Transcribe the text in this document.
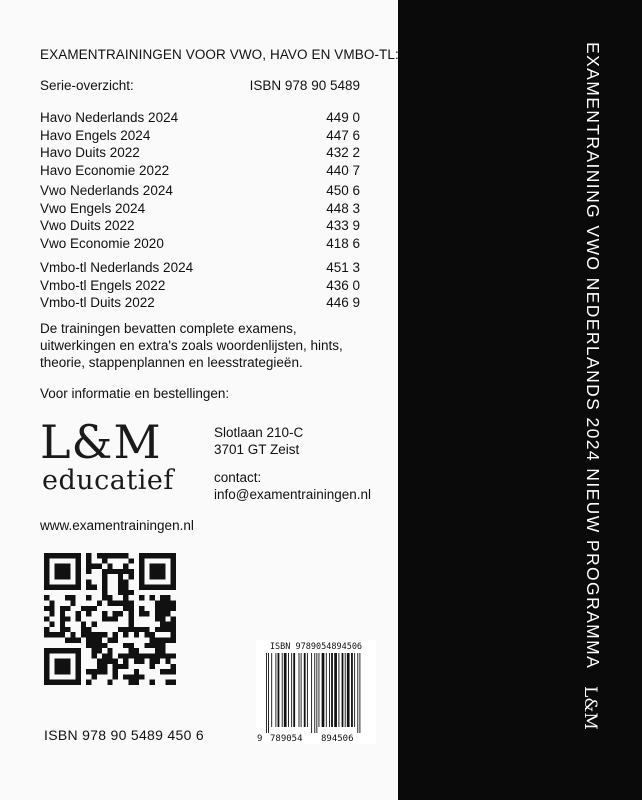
EXAMENTRAININGEN VOOR VWO, HAVO EN VMBO-TL:
Serie-overzicht:	ISBN 978 90 5489
Havo Nederlands 2024	449 0
Havo Engels 2024	447 6
Havo Duits 2022	432 2
Havo Economie 2022	440 7
Vwo Nederlands 2024	450 6
Vwo Engels 2024	448 3
Vwo Duits 2022	433 9
Vwo Economie 2020	418 6
Vmbo-tl Nederlands 2024	451 3
Vmbo-tl Engels 2022	436 0
Vmbo-tl Duits 2022	446 9
De trainingen bevatten complete examens,
uitwerkingen en extra's zoals woordenlijsten, hints,
theorie, stappenplannen en leesstrategieën.
Voor informatie en bestellingen:
L&M
educatief
Slotlaan 210-C
3701 GT Zeist
contact:
info@examentrainingen.nl
www.examentrainingen.nl
ISBN 978 90 5489 450 6
ISBN 9789054894506
9 789054 894506
EXAMENTRAINING VWO NEDERLANDS 2024 NIEUW PROGRAMMA
L&M
